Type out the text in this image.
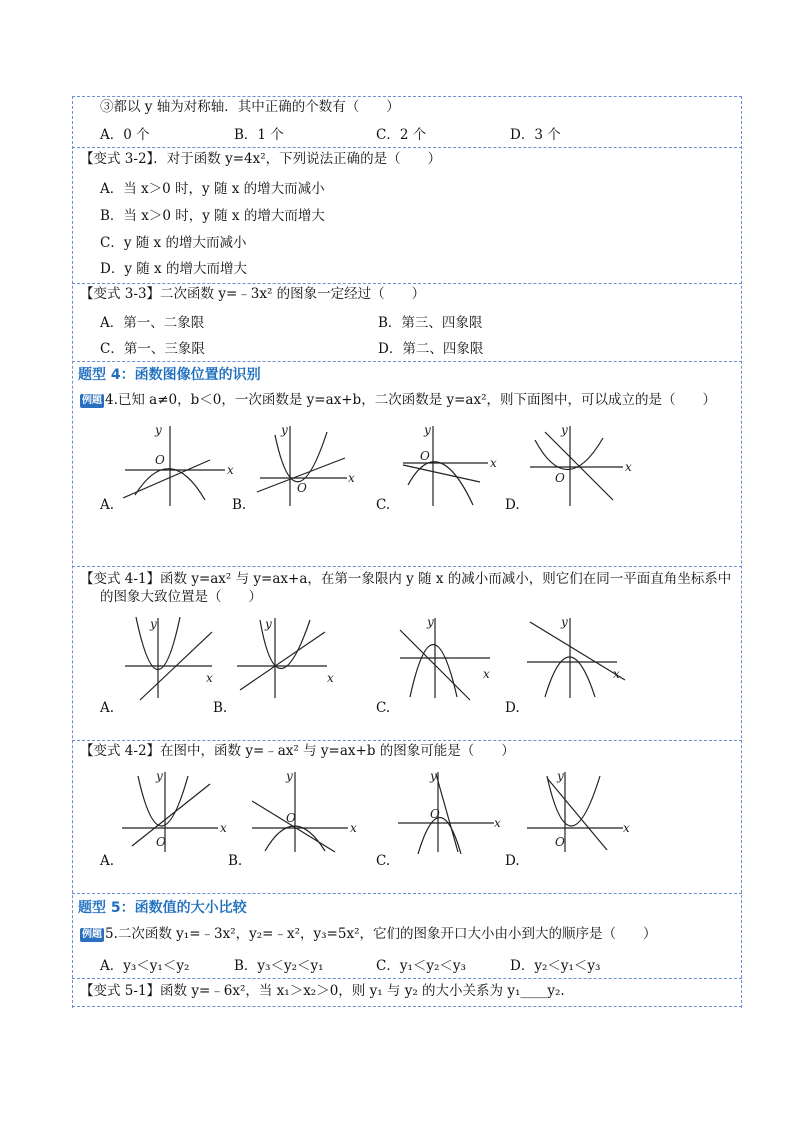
③都以 y 轴为对称轴．其中正确的个数有（　　）
A．0 个	B．1 个	C．2 个	D．3 个
【变式 3-2】．对于函数 y=4x²，下列说法正确的是（　　）
A．当 x＞0 时，y 随 x 的增大而减小
B．当 x＞0 时，y 随 x 的增大而增大
C．y 随 x 的增大而减小
D．y 随 x 的增大而增大
【变式 3-3】二次函数 y=﹣3x² 的图象一定经过（　　）
A．第一、二象限	B．第三、四象限
C．第一、三象限	D．第二、四象限
题型 4：函数图像位置的识别
例题 4.已知 a≠0，b＜0，一次函数是 y=ax+b，二次函数是 y=ax²，则下面图中，可以成立的是（　　）
x
y
O
x
y
O
x
y
O
x
y
O
A.	B.	C.	D.
【变式 4-1】函数 y=ax² 与 y=ax+a，在第一象限内 y 随 x 的减小而减小，则它们在同一平面直角坐标系中
的图象大致位置是（　　）
x
y
x
y
x
y
x
y
A.	B.	C.	D.
【变式 4-2】在图中，函数 y=﹣ax² 与 y=ax+b 的图象可能是（　　）
x
y
O
x
y
O	x
y
O
x
y
O
A.	B.	C.	D.
题型 5：函数值的大小比较
例题 5.二次函数 y₁=﹣3x²，y₂=﹣x²，y₃=5x²，它们的图象开口大小由小到大的顺序是（　　）
A．y₃＜y₁＜y₂	B．y₃＜y₂＜y₁	C．y₁＜y₂＜y₃	D．y₂＜y₁＜y₃
【变式 5-1】函数 y=﹣6x²，当 x₁＞x₂＞0，则 y₁ 与 y₂ 的大小关系为 y₁____y₂.
